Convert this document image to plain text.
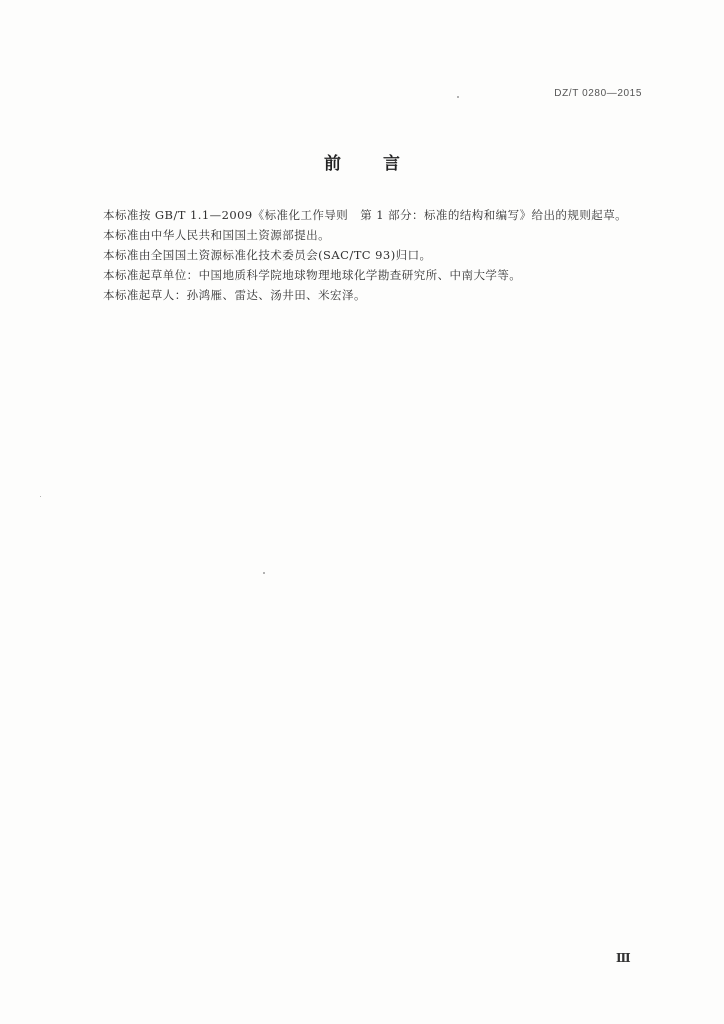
DZ/T 0280—2015
前 言
本标准按 GB/T 1.1—2009《标准化工作导则　第 1 部分：标准的结构和编写》给出的规则起草。
本标准由中华人民共和国国土资源部提出。
本标准由全国国土资源标准化技术委员会(SAC/TC 93)归口。
本标准起草单位：中国地质科学院地球物理地球化学勘查研究所、中南大学等。
本标准起草人：孙鸿雁、雷达、汤井田、米宏泽。
Ⅲ
